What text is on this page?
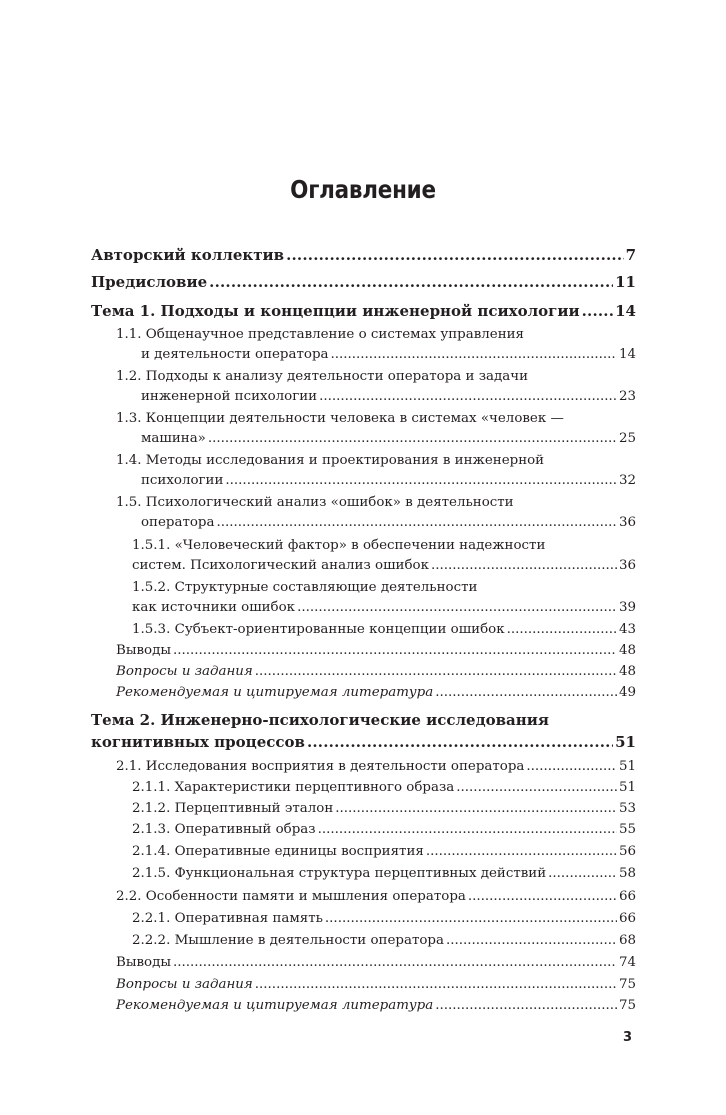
Оглавление
Авторский коллектив .....	7
Предисловие .....	11
Тема 1. Подходы и концепции инженерной психологии ..... 14
1.1. Общенаучное представление о системах управления
и деятельности оператора .....	14
1.2. Подходы к анализу деятельности оператора и задачи
инженерной психологии .....	23
1.3. Концепции деятельности человека в системах «человек —
машина» .....	25
1.4. Методы исследования и проектирования в инженерной
психологии .....	32
1.5. Психологический анализ «ошибок» в деятельности
оператора .....	36
1.5.1. «Человеческий фактор» в обеспечении надежности
систем. Психологический анализ ошибок .....	36
1.5.2. Структурные составляющие деятельности
как источники ошибок .....	39
1.5.3. Субъект-ориентированные концепции ошибок .....	43
Выводы .....	48
Вопросы и задания .....	48
Рекомендуемая и цитируемая литература .....	49
Тема 2. Инженерно-психологические исследования
когнитивных процессов .....	51
2.1. Исследования восприятия в деятельности оператора .....	51
2.1.1. Характеристики перцептивного образа .....	51
2.1.2. Перцептивный эталон .....	53
2.1.3. Оперативный образ .....	55
2.1.4. Оперативные единицы восприятия .....	56
2.1.5. Функциональная структура перцептивных действий .....	58
2.2. Особенности памяти и мышления оператора .....	66
2.2.1. Оперативная память .....	66
2.2.2. Мышление в деятельности оператора .....	68
Выводы .....	74
Вопросы и задания .....	75
Рекомендуемая и цитируемая литература .....	75
3
